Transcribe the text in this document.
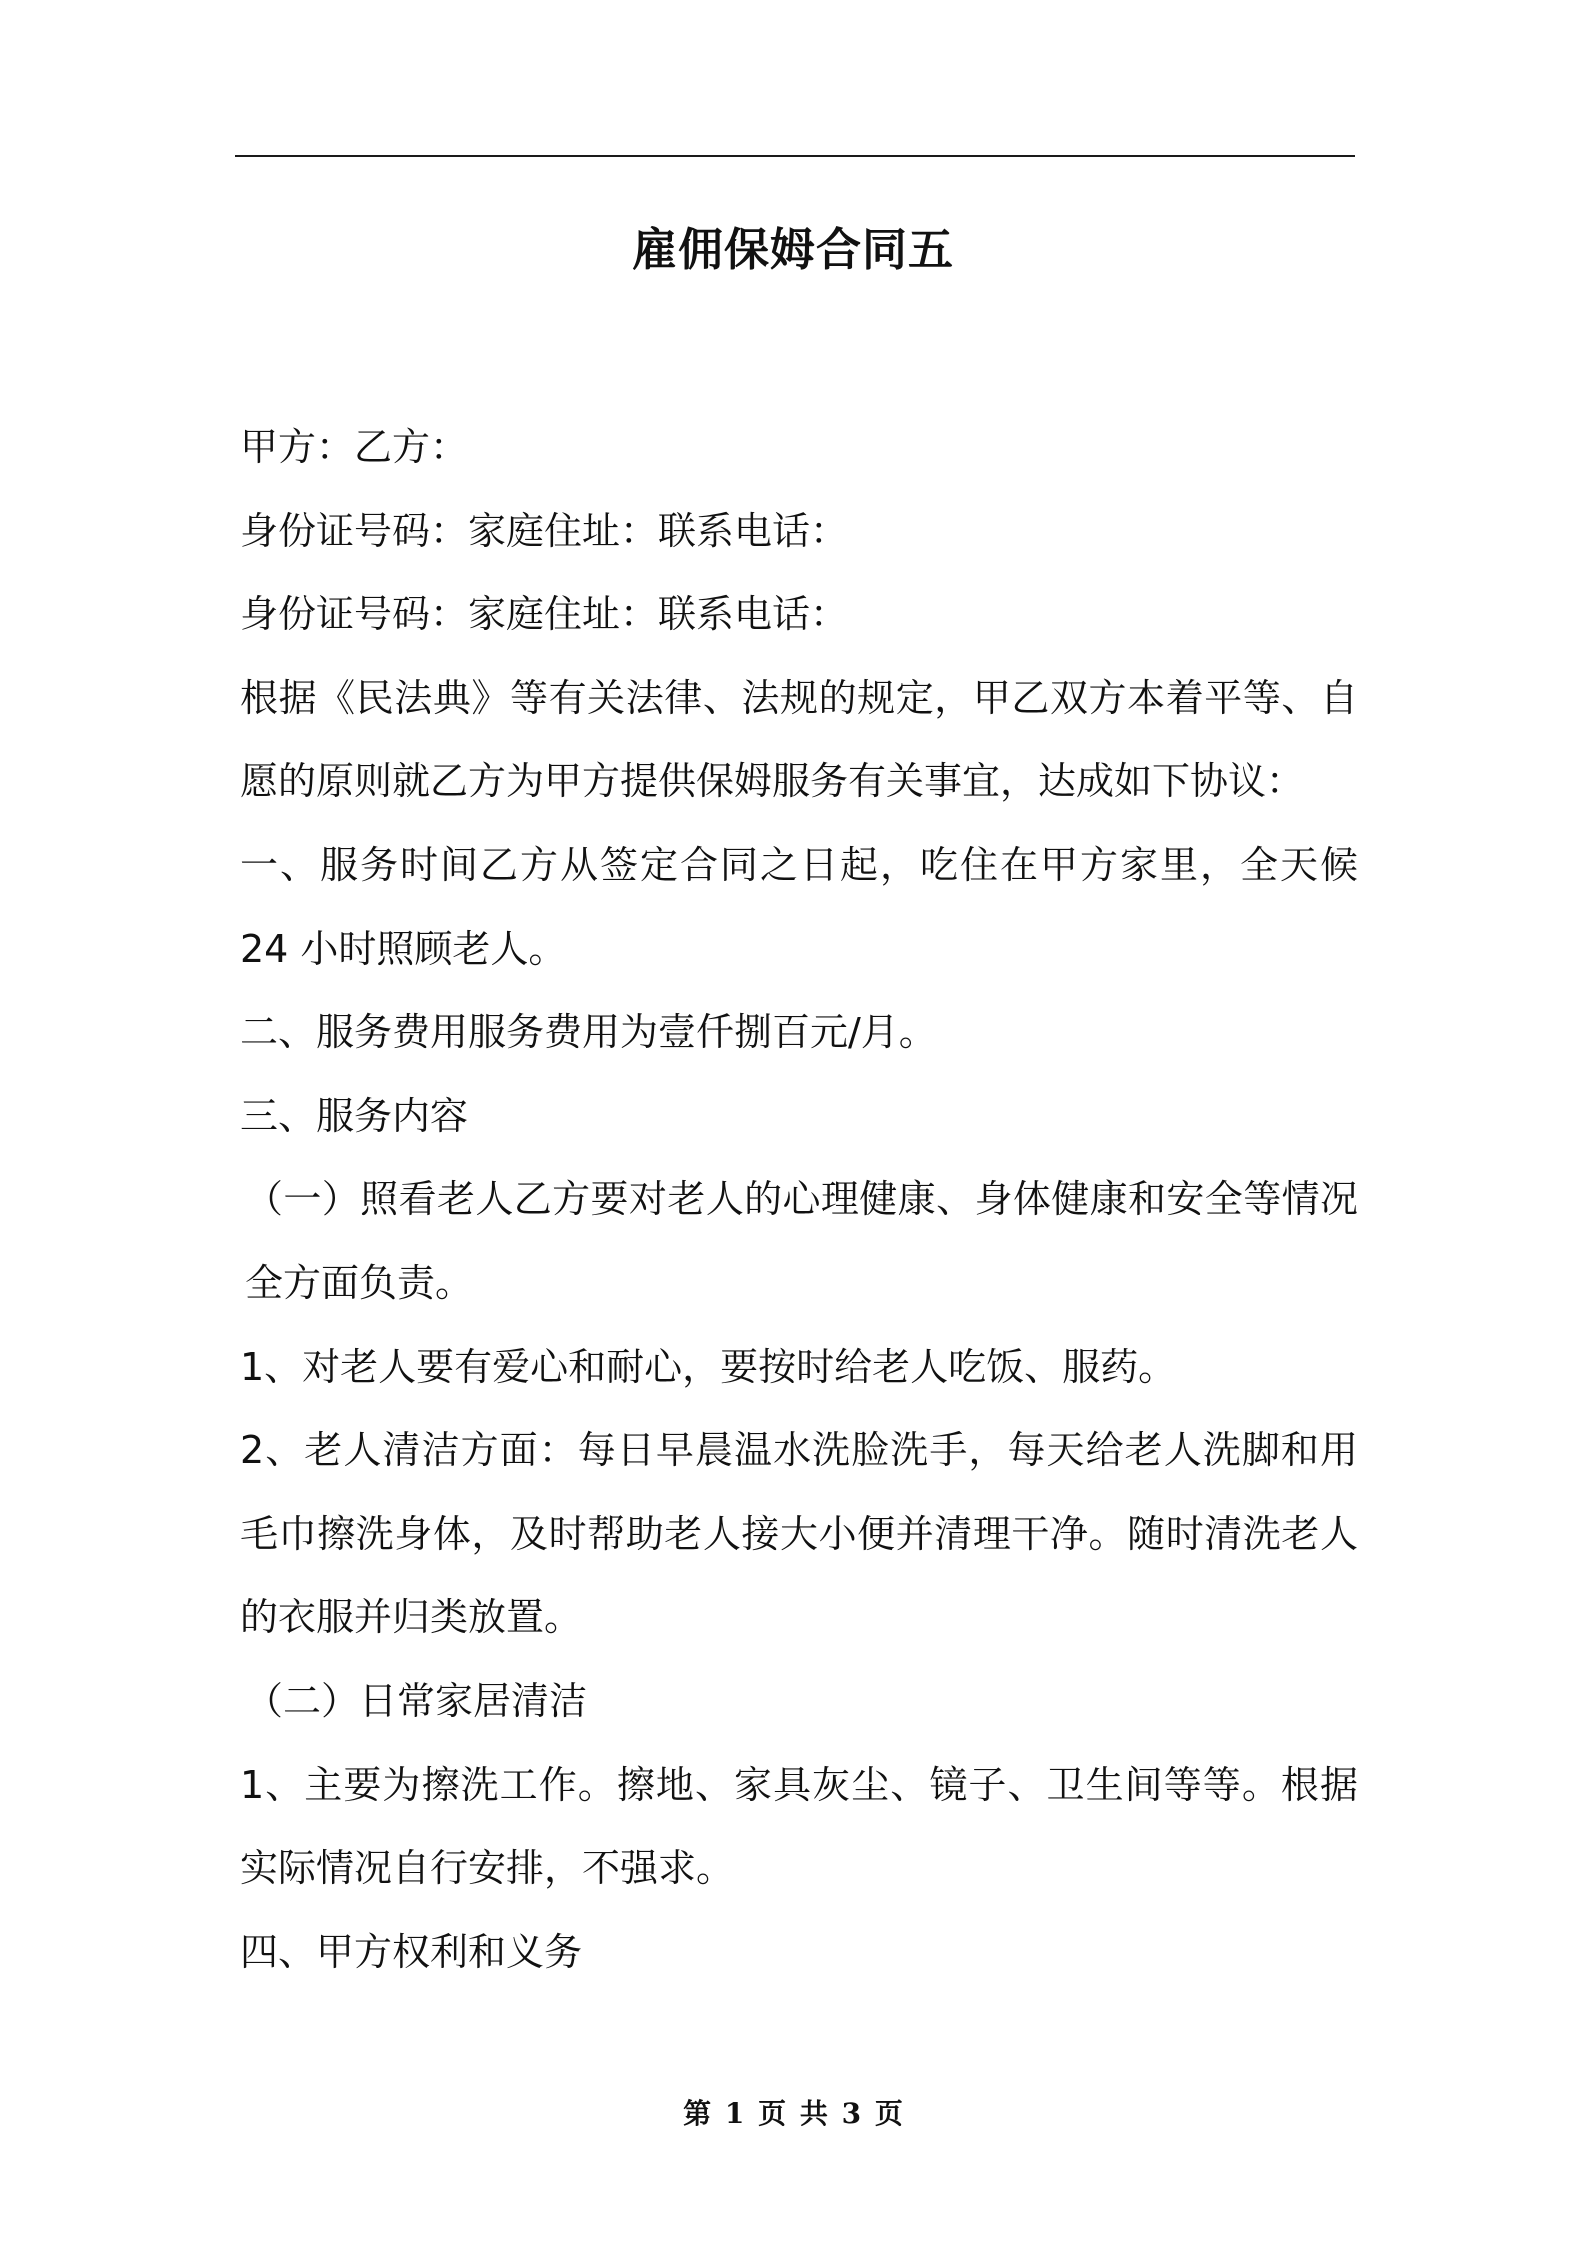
雇佣保姆合同五

甲方：乙方：

身份证号码：家庭住址：联系电话：

身份证号码：家庭住址：联系电话：

根据《民法典》等有关法律、法规的规定，甲乙双方本着平等、自愿的原则就乙方为甲方提供保姆服务有关事宜，达成如下协议：

一、服务时间乙方从签定合同之日起，吃住在甲方家里，全天候 24 小时照顾老人。

二、服务费用服务费用为壹仟捌百元/月。

三、服务内容

（一）照看老人乙方要对老人的心理健康、身体健康和安全等情况全方面负责。

1、对老人要有爱心和耐心，要按时给老人吃饭、服药。

2、老人清洁方面：每日早晨温水洗脸洗手，每天给老人洗脚和用毛巾擦洗身体，及时帮助老人接大小便并清理干净。随时清洗老人的衣服并归类放置。

（二）日常家居清洁

1、主要为擦洗工作。擦地、家具灰尘、镜子、卫生间等等。根据实际情况自行安排，不强求。

四、甲方权利和义务

第 1 页 共 3 页
